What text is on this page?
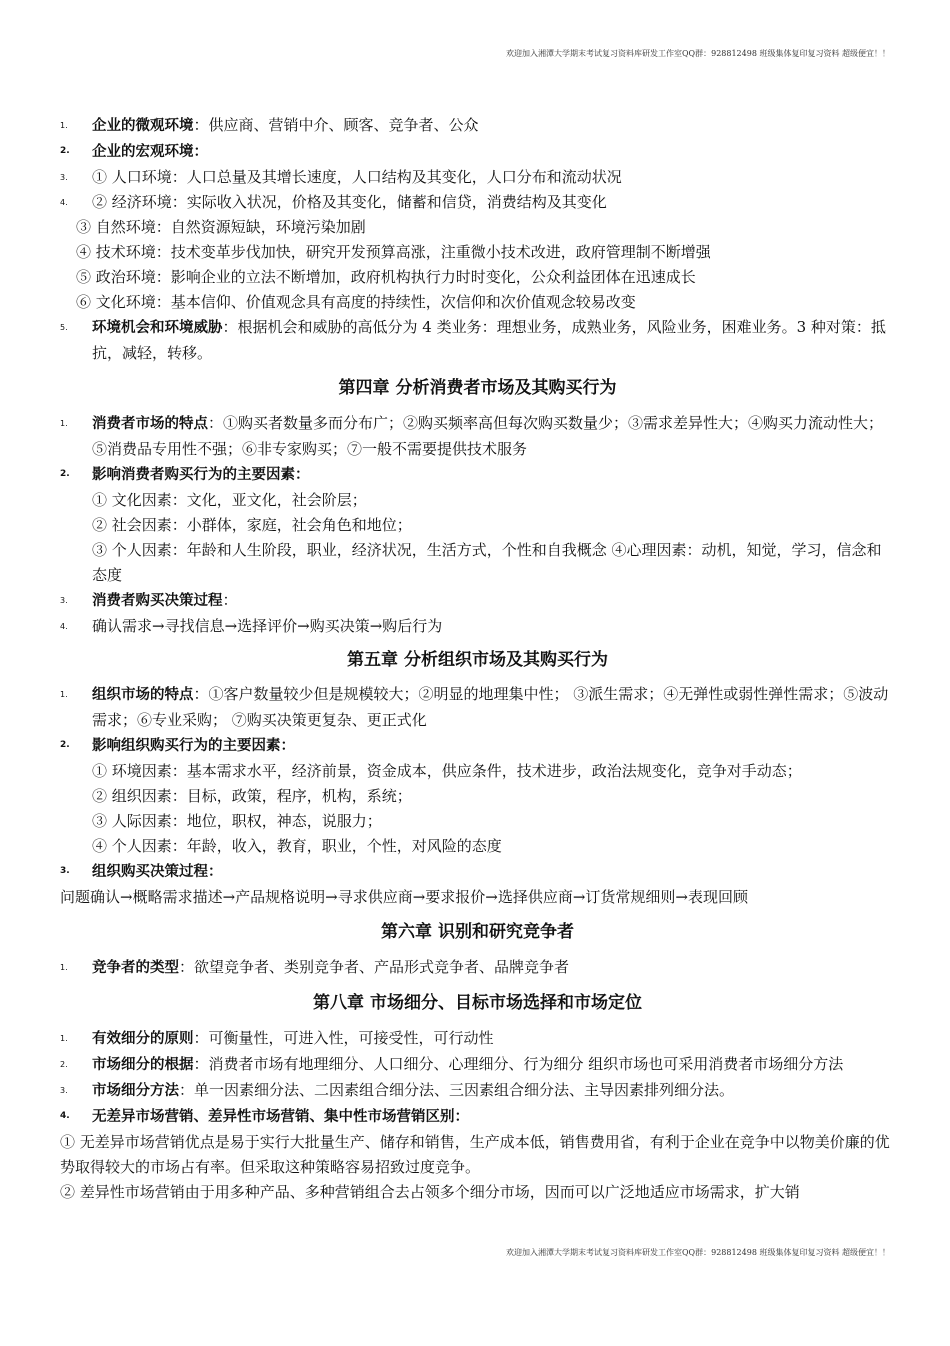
欢迎加入湘潭大学期末考试复习资料库研发工作室QQ群：928812498 班级集体复印复习资料 超级便宜！！
1.	企业的微观环境：供应商、营销中介、顾客、竞争者、公众
2.	企业的宏观环境：
3.	① 人口环境：人口总量及其增长速度，人口结构及其变化，人口分布和流动状况
4.	② 经济环境：实际收入状况，价格及其变化，储蓄和信贷，消费结构及其变化
③ 自然环境：自然资源短缺，环境污染加剧
④ 技术环境：技术变革步伐加快，研究开发预算高涨，注重微小技术改进，政府管理制不断增强
⑤ 政治环境：影响企业的立法不断增加，政府机构执行力时时变化，公众利益团体在迅速成长
⑥ 文化环境：基本信仰、价值观念具有高度的持续性，次信仰和次价值观念较易改变
5.	环境机会和环境威胁：根据机会和威胁的高低分为 4 类业务：理想业务，成熟业务，风险业务，困难业务。3 种对策：抵抗，减轻，转移。
第四章 分析消费者市场及其购买行为
1.	消费者市场的特点：①购买者数量多而分布广；②购买频率高但每次购买数量少；③需求差异性大；④购买力流动性大；⑤消费品专用性不强；⑥非专家购买；⑦一般不需要提供技术服务
2.	影响消费者购买行为的主要因素：
① 文化因素：文化，亚文化，社会阶层；
② 社会因素：小群体，家庭，社会角色和地位；
③ 个人因素：年龄和人生阶段，职业，经济状况，生活方式，个性和自我概念 ④心理因素：动机，知觉，学习，信念和态度
3.	消费者购买决策过程：
4.	确认需求→寻找信息→选择评价→购买决策→购后行为
第五章 分析组织市场及其购买行为
1.	组织市场的特点：①客户数量较少但是规模较大；②明显的地理集中性； ③派生需求；④无弹性或弱性弹性需求；⑤波动需求；⑥专业采购； ⑦购买决策更复杂、更正式化
2.	影响组织购买行为的主要因素：
① 环境因素：基本需求水平，经济前景，资金成本，供应条件，技术进步，政治法规变化，竞争对手动态；
② 组织因素：目标，政策，程序，机构，系统；
③ 人际因素：地位，职权，神态，说服力；
④ 个人因素：年龄，收入，教育，职业，个性，对风险的态度
3.	组织购买决策过程：
问题确认→概略需求描述→产品规格说明→寻求供应商→要求报价→选择供应商→订货常规细则→表现回顾
第六章 识别和研究竞争者
1.	竞争者的类型：欲望竞争者、类别竞争者、产品形式竞争者、品牌竞争者
第八章 市场细分、目标市场选择和市场定位
1.	有效细分的原则：可衡量性，可进入性，可接受性，可行动性
2.	市场细分的根据：消费者市场有地理细分、人口细分、心理细分、行为细分 组织市场也可采用消费者市场细分方法
3.	市场细分方法：单一因素细分法、二因素组合细分法、三因素组合细分法、主导因素排列细分法。
4.	无差异市场营销、差异性市场营销、集中性市场营销区别：
① 无差异市场营销优点是易于实行大批量生产、储存和销售，生产成本低，销售费用省，有利于企业在竞争中以物美价廉的优势取得较大的市场占有率。但采取这种策略容易招致过度竞争。
② 差异性市场营销由于用多种产品、多种营销组合去占领多个细分市场，因而可以广泛地适应市场需求，扩大销
欢迎加入湘潭大学期末考试复习资料库研发工作室QQ群：928812498 班级集体复印复习资料 超级便宜！！
